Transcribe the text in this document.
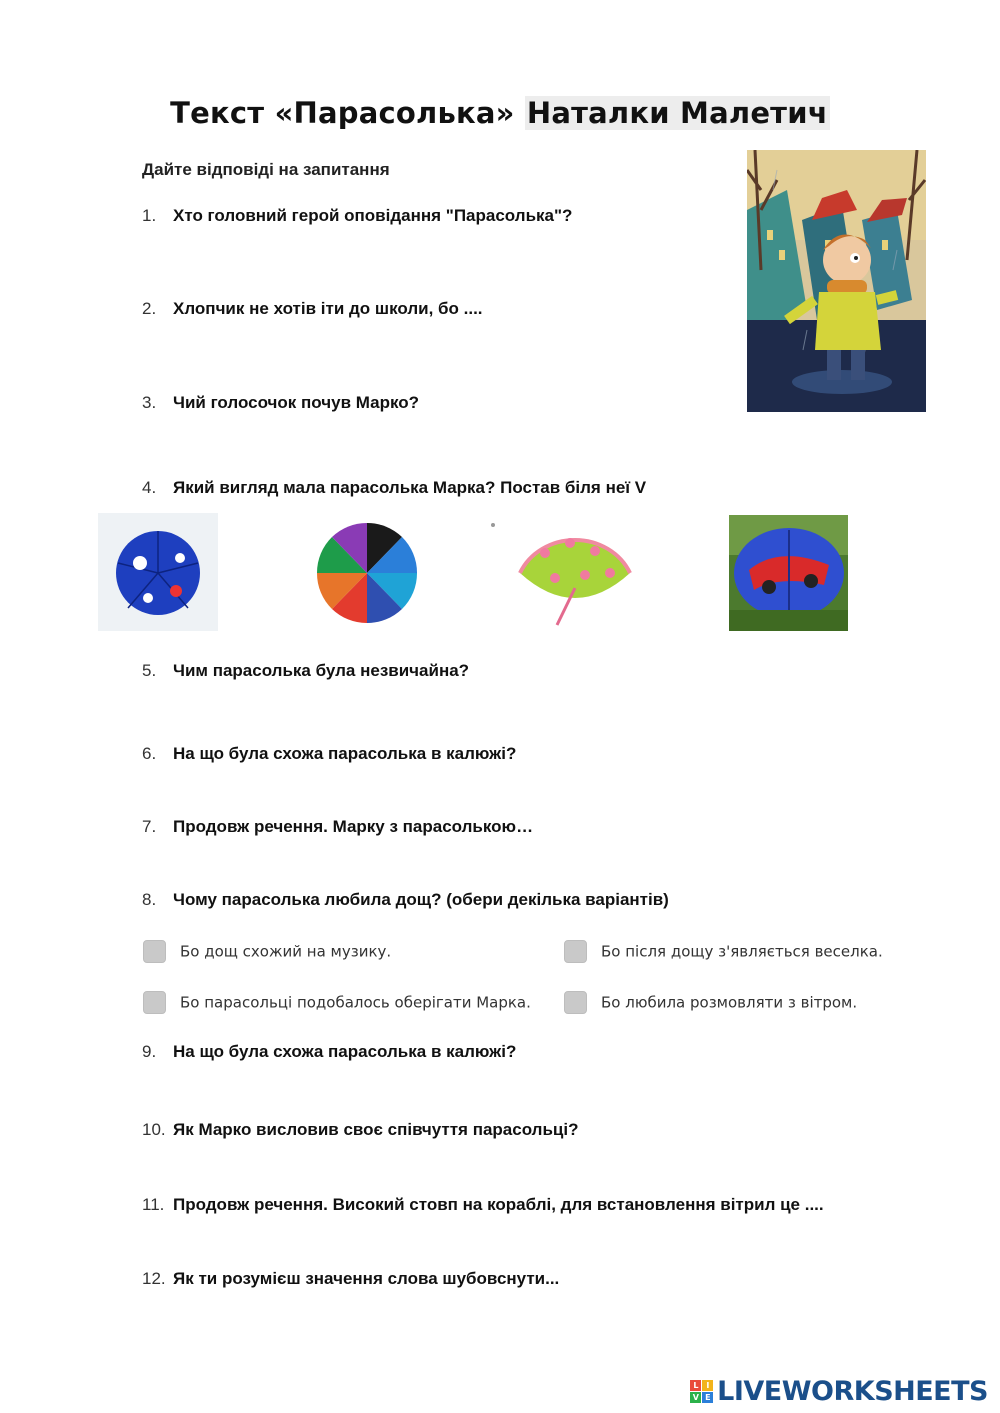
Текст «Парасолька» Наталки Малетич
Дайте відповіді на запитання
1. Хто головний герой оповідання "Парасолька"?
2. Хлопчик не хотів іти до школи, бо ....
3. Чий голосочок почув Марко?
4. Який вигляд мала парасолька Марка? Постав біля неї V
5. Чим парасолька була незвичайна?
6. На що була схожа парасолька в калюжі?
7. Продовж речення. Марку з парасолькою…
8. Чому парасолька любила дощ? (обери декілька варіантів)
Бо дощ схожий на музику.	Бо після дощу з'являється веселка.
Бо парасольці подобалось оберігати Марка.	Бо любила розмовляти з вітром.
9. На що була схожа парасолька в калюжі?
10. Як Марко висловив своє співчуття парасольці?
11. Продовж речення. Високий стовп на кораблі, для встановлення вітрил це ....
12. Як ти розумієш значення слова шубовснути...
L	I
V E LIVEWORKSHEETS
